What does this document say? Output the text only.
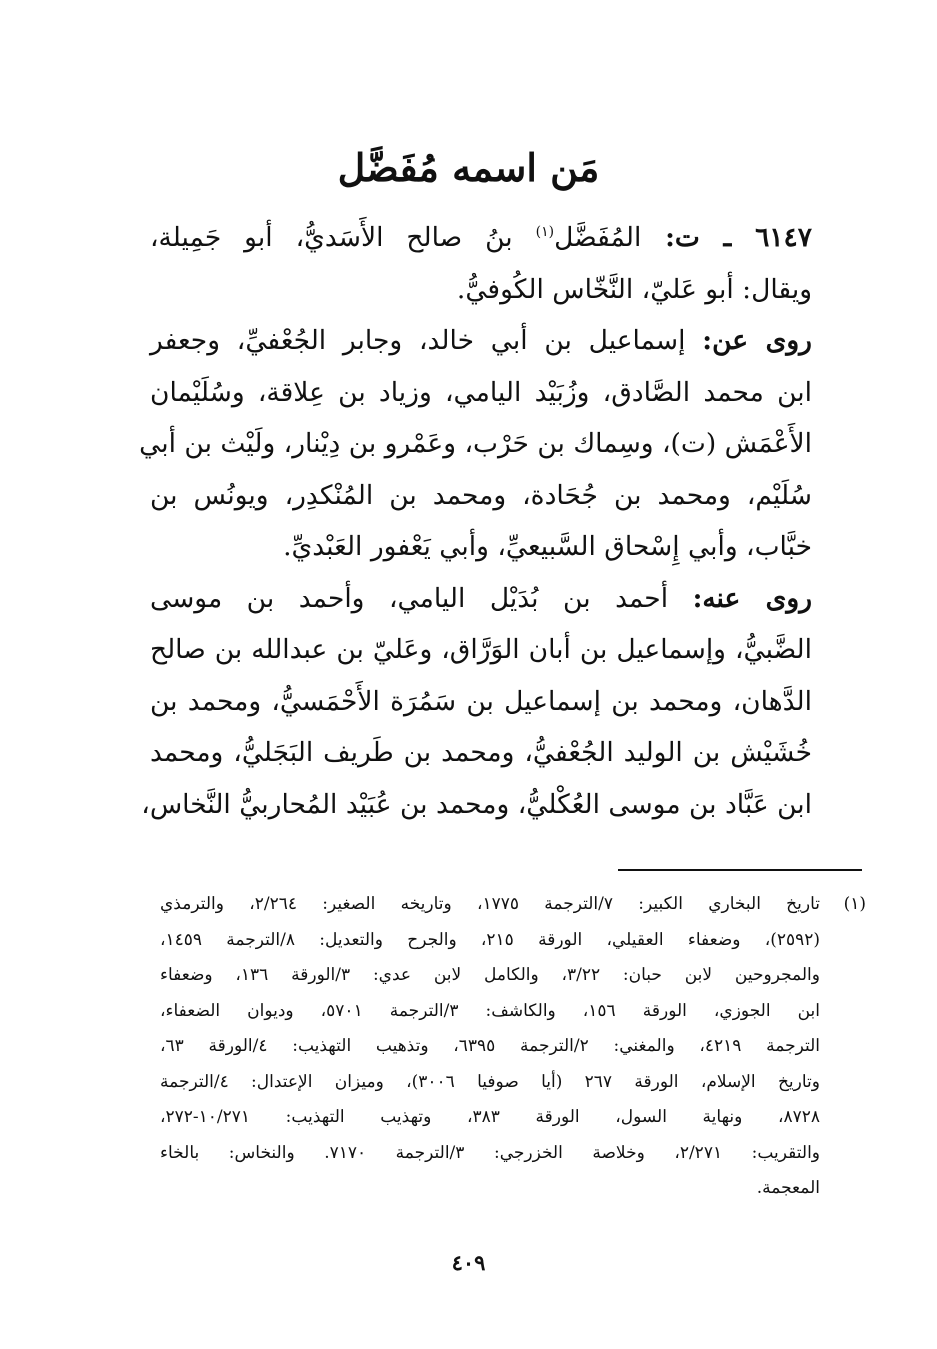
مَن اسمه مُفَضَّل

٦١٤٧ ـ ت: المُفَضَّل$^{(١)}$ بنُ صالح الأَسَديُّ، أبو جَمِيلة،
ويقال: أبو عَليّ، النَّخّاس الكُوفيُّ.

روى عن: إسماعيل بن أبي خالد، وجابر الجُعْفيِّ، وجعفر
ابن محمد الصَّادق، وزُبَيْد اليامي، وزياد بن عِلاقة، وسُلَيْمان
الأَعْمَش (ت)، وسِماك بن حَرْب، وعَمْرو بن دِيْنار، ولَيْث بن أبي
سُلَيْم، ومحمد بن جُحَادة، ومحمد بن المُنْكدِر، ويونُس بن
خبَّاب، وأبي إِسْحاق السَّبيعيِّ، وأبي يَعْفور العَبْديِّ.

روى عنه: أحمد بن بُدَيْل اليامي، وأحمد بن موسى
الضَّبيُّ، وإسماعيل بن أبان الوَرَّاق، وعَليّ بن عبدالله بن صالح
الدَّهان، ومحمد بن إسماعيل بن سَمُرَة الأَحْمَسيُّ، ومحمد بن
خُشَيْش بن الوليد الجُعْفيُّ، ومحمد بن طَريف البَجَليُّ، ومحمد
ابن عَبَّاد بن موسى العُكْليُّ، ومحمد بن عُبَيْد المُحاربيُّ النَّخاس،

(١)
تاريخ البخاري الكبير: ٧/الترجمة ١٧٧٥، وتاريخه الصغير: ٢/٢٦٤، والترمذي
(٢٥٩٢)، وضعفاء العقيلي، الورقة ٢١٥، والجرح والتعديل: ٨/الترجمة ١٤٥٩،
والمجروحين لابن حبان: ٣/٢٢، والكامل لابن عدي: ٣/الورقة ١٣٦، وضعفاء
ابن الجوزي، الورقة ١٥٦، والكاشف: ٣/الترجمة ٥٧٠١، وديوان الضعفاء،
الترجمة ٤٢١٩، والمغني: ٢/الترجمة ٦٣٩٥، وتذهيب التهذيب: ٤/الورقة ٦٣،
وتاريخ الإسلام، الورقة ٢٦٧ (أيا صوفيا ٣٠٠٦)، وميزان الإعتدال: ٤/الترجمة
٨٧٢٨، ونهاية السول، الورقة ٣٨٣، وتهذيب التهذيب: ١٠/٢٧١-٢٧٢،
والتقريب: ٢/٢٧١، وخلاصة الخزرجي: ٣/الترجمة ٧١٧٠. والنخاس: بالخاء
المعجمة.
٤٠٩
